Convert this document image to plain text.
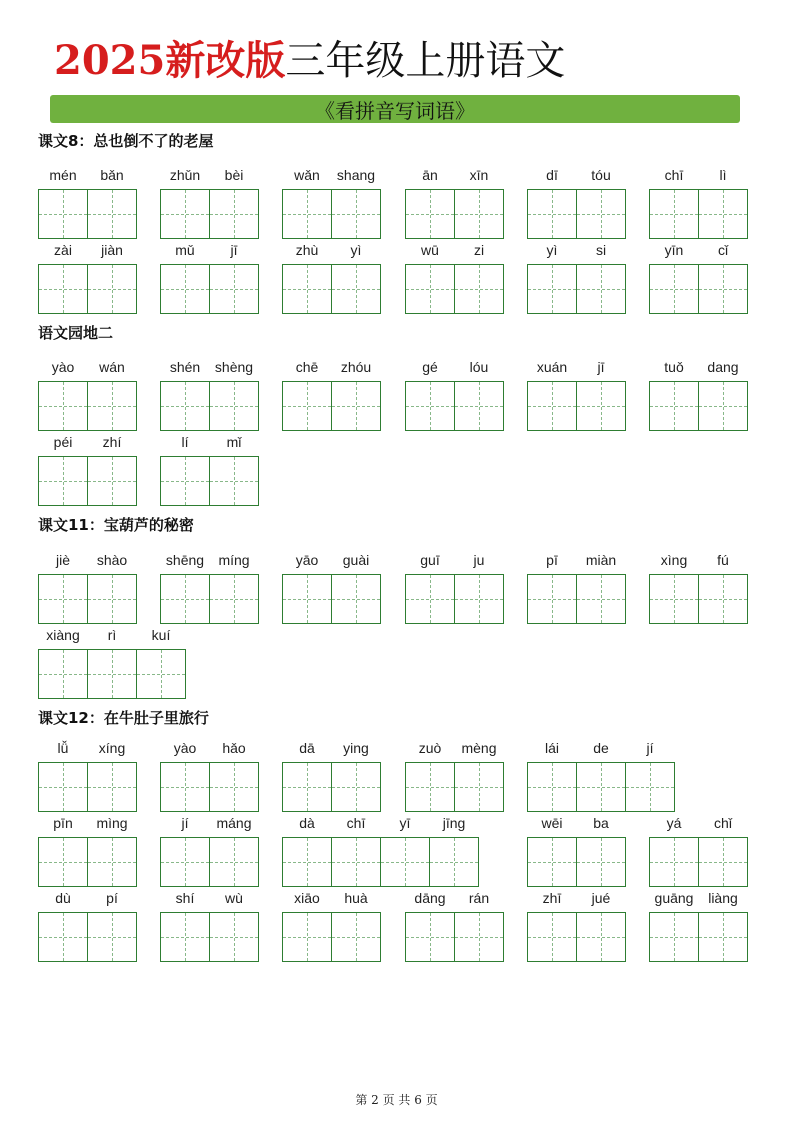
2025新改版三年级上册语文
《看拼音写词语》
课文8：总也倒不了的老屋
mén	bǎn	zhǔn	bèi	wǎn	shang	ān	xīn	dī	tóu	chī	lì
zài	jiàn	mǔ	jī	zhù	yì	wū	zi	yì	si	yīn	cǐ
语文园地二
yào	wán	shén	shèng	chē	zhóu	gé	lóu	xuán	jī	tuǒ	dang
péi	zhí	lí	mǐ
课文11：宝葫芦的秘密
jiè	shào	shēng	míng	yāo	guài	guī	ju	pī	miàn	xìng	fú
xiàng	rì	kuí
课文12：在牛肚子里旅行
lǚ	xíng	yào	hǎo	dā	ying	zuò	mèng	lái	de	jí
pīn	mìng	jí	máng	dà	chī	yī	jīng	wēi	ba	yá	chǐ
dù	pí	shí	wù	xiāo	huà	dāng	rán	zhī	jué	guāng	liàng
第 2 页 共 6 页
